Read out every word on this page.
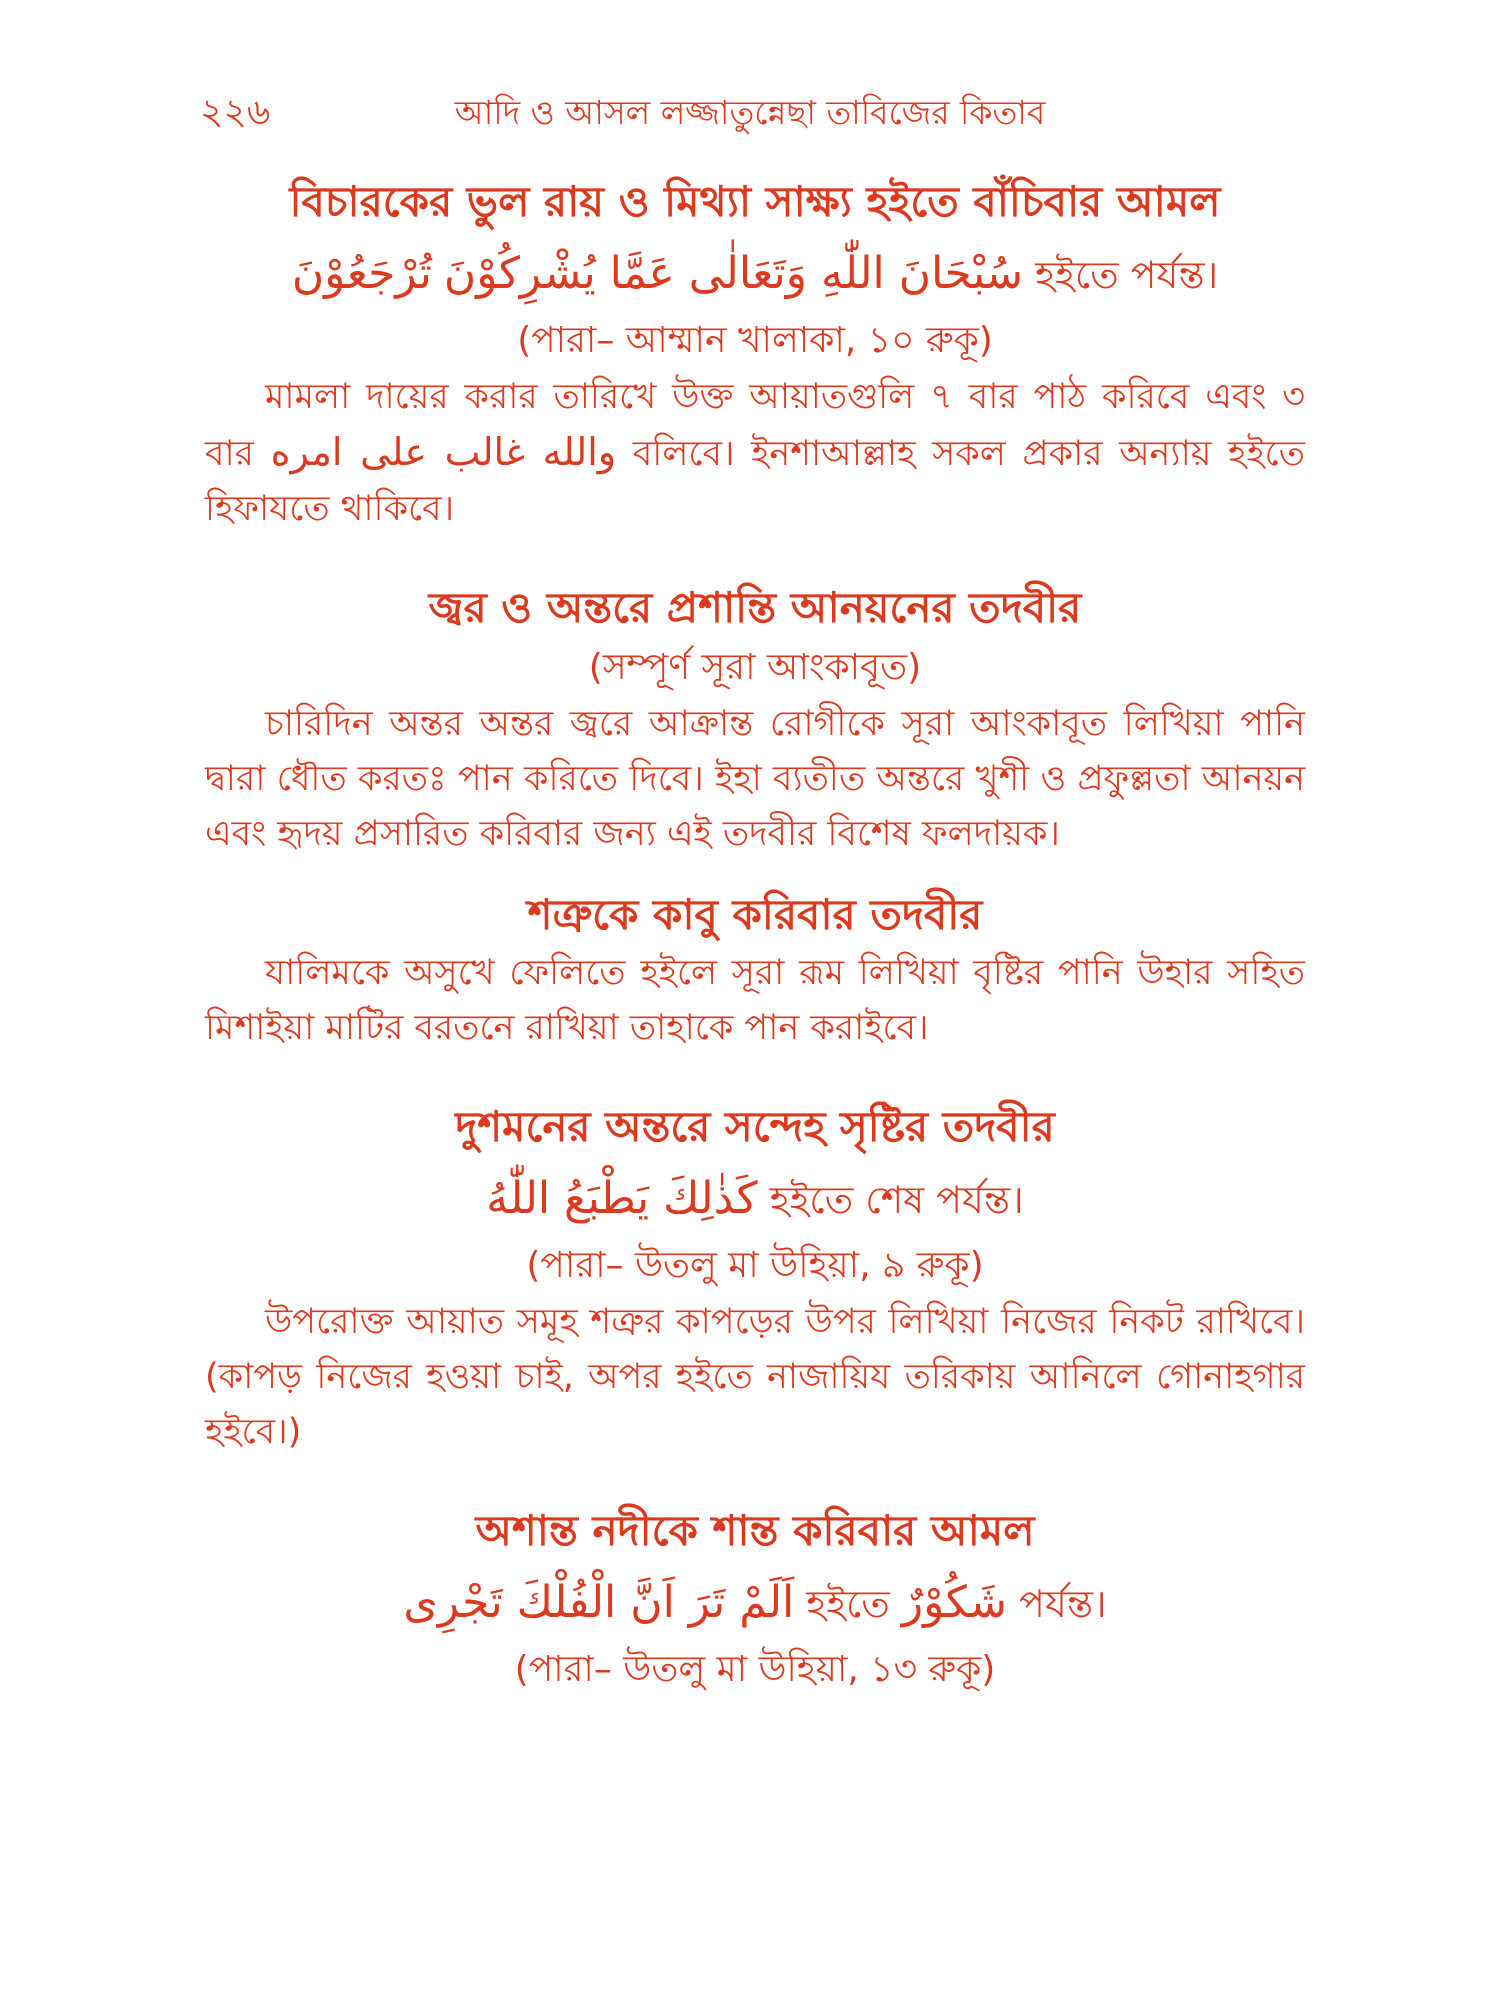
২২৬	আদি ও আসল লজ্জাতুন্নেছা তাবিজের কিতাব
বিচারকের ভুল রায় ও মিথ্যা সাক্ষ্য হইতে বাঁচিবার আমল
تُرْجَعُوْنَ سُبْحَانَ اللّٰهِ وَتَعَالٰى عَمَّا يُشْرِكُوْنَ হইতে পর্যন্ত।

(পারা– আম্মান খালাকা, ১০ রুকূ)

মামলা দায়ের করার তারিখে উক্ত আয়াতগুলি ৭ বার পাঠ করিবে এবং ৩ বার والله غالب على امره বলিবে। ইনশাআল্লাহ সকল প্রকার অন্যায় হইতে হিফাযতে থাকিবে।

জ্বর ও অন্তরে প্রশান্তি আনয়নের তদবীর

(সম্পূর্ণ সূরা আংকাবূত)

চারিদিন অন্তর অন্তর জ্বরে আক্রান্ত রোগীকে সূরা আংকাবূত লিখিয়া পানি দ্বারা ধৌত করতঃ পান করিতে দিবে। ইহা ব্যতীত অন্তরে খুশী ও প্রফুল্লতা আনয়ন এবং হৃদয় প্রসারিত করিবার জন্য এই তদবীর বিশেষ ফলদায়ক।

শত্রুকে কাবু করিবার তদবীর

যালিমকে অসুখে ফেলিতে হইলে সূরা রূম লিখিয়া বৃষ্টির পানি উহার সহিত মিশাইয়া মাটির বরতনে রাখিয়া তাহাকে পান করাইবে।

দুশমনের অন্তরে সন্দেহ সৃষ্টির তদবীর
كَذٰلِكَ يَطْبَعُ اللّٰهُ হইতে শেষ পর্যন্ত।

(পারা– উতলু মা উহিয়া, ৯ রুকূ)

উপরোক্ত আয়াত সমূহ শত্রুর কাপড়ের উপর লিখিয়া নিজের নিকট রাখিবে। (কাপড় নিজের হওয়া চাই, অপর হইতে নাজায়িয তরিকায় আনিলে গোনাহগার হইবে।)

অশান্ত নদীকে শান্ত করিবার আমল
اَلَمْ تَرَ اَنَّ الْفُلْكَ تَجْرِى হইতে شَكُوْرٌ পর্যন্ত।

(পারা– উতলু মা উহিয়া, ১৩ রুকূ)
